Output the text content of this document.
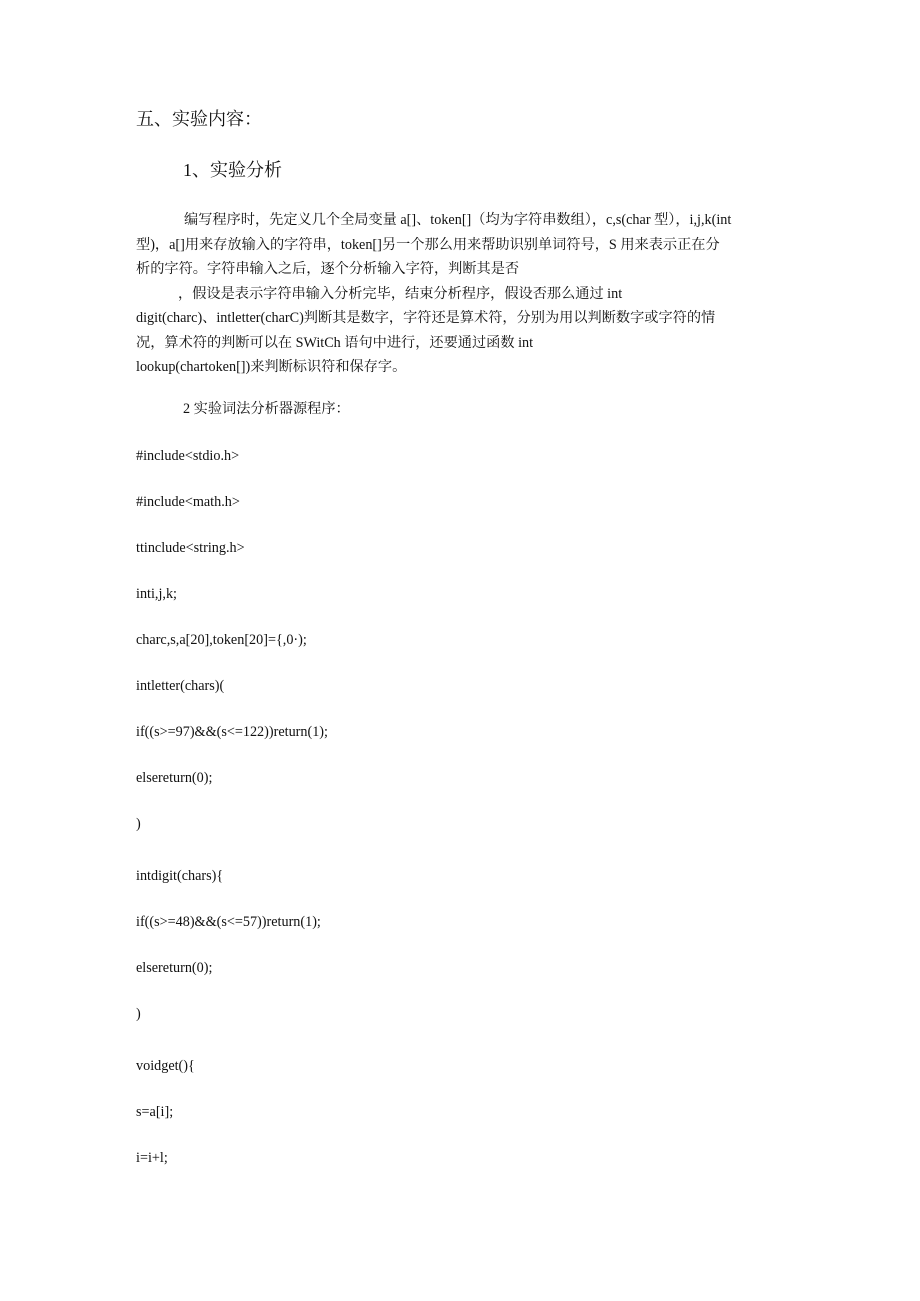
五、实验内容：
1、实验分析
编写程序时，先定义几个全局变量 a[]、token[]（均为字符串数组），c,s(char 型），i,j,k(int
型)，a[]用来存放输入的字符串，token[]另一个那么用来帮助识别单词符号，S 用来表示正在分
析的字符。字符串输入之后，逐个分析输入字符，判断其是否
，假设是表示字符串输入分析完毕，结束分析程序，假设否那么通过 int
digit(charc)、intletter(charC)判断其是数字，字符还是算术符，分别为用以判断数字或字符的情
况，算术符的判断可以在 SWitCh 语句中进行，还要通过函数 int
lookup(chartoken[])来判断标识符和保存字。
2 实验词法分析器源程序：
#include<stdio.h>
#include<math.h>
ttinclude<string.h>
inti,j,k;
charc,s,a[20],token[20]={,0·);
intletter(chars)(
if((s>=97)&&(s<=122))return(1);
elsereturn(0);
)
intdigit(chars){
if((s>=48)&&(s<=57))return(1);
elsereturn(0);
)
voidget(){
s=a[i];
i=i+l;
